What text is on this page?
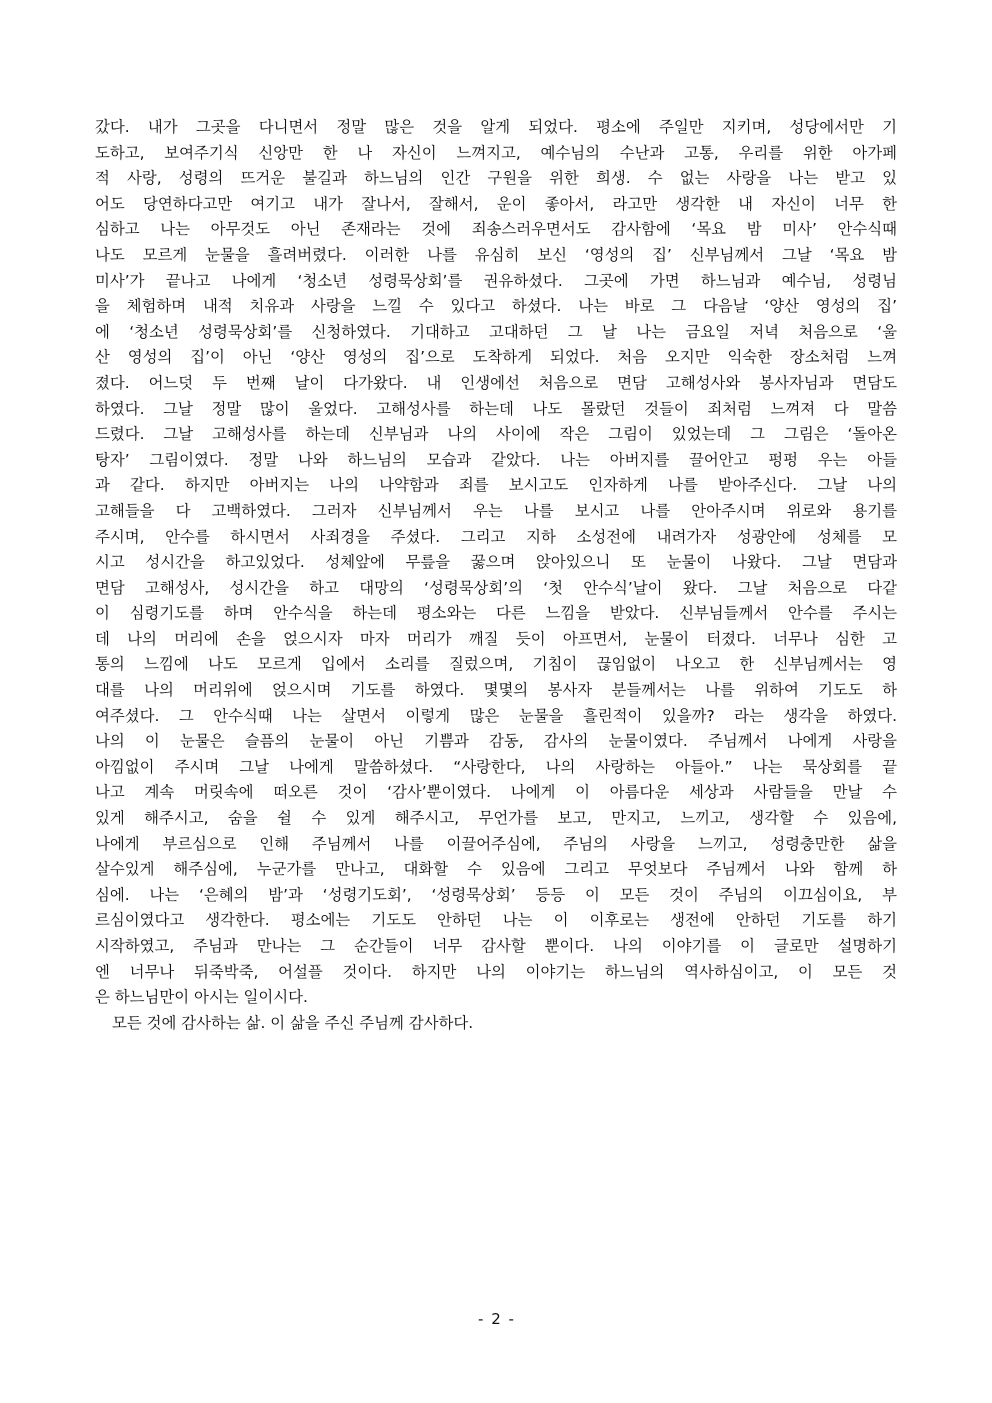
갔다. 내가 그곳을 다니면서 정말 많은 것을 알게 되었다. 평소에 주일만 지키며, 성당에서만 기
도하고, 보여주기식 신앙만 한 나 자신이 느껴지고, 예수님의 수난과 고통, 우리를 위한 아가페
적 사랑, 성령의 뜨거운 불길과 하느님의 인간 구원을 위한 희생. 수 없는 사랑을 나는 받고 있
어도 당연하다고만 여기고 내가 잘나서, 잘해서, 운이 좋아서, 라고만 생각한 내 자신이 너무 한
심하고 나는 아무것도 아닌 존재라는 것에 죄송스러우면서도 감사함에 ‘목요 밤 미사’ 안수식때
나도 모르게 눈물을 흘려버렸다. 이러한 나를 유심히 보신 ‘영성의 집’ 신부님께서 그날 ‘목요 밤
미사’가 끝나고 나에게 ‘청소년 성령묵상회’를 권유하셨다. 그곳에 가면 하느님과 예수님, 성령님
을 체험하며 내적 치유과 사랑을 느낄 수 있다고 하셨다. 나는 바로 그 다음날 ‘양산 영성의 집’
에 ‘청소년 성령묵상회’를 신청하였다. 기대하고 고대하던 그 날 나는 금요일 저녁 처음으로 ‘울
산 영성의 집’이 아닌 ‘양산 영성의 집’으로 도착하게 되었다. 처음 오지만 익숙한 장소처럼 느껴
졌다. 어느덧 두 번째 날이 다가왔다. 내 인생에선 처음으로 면담 고해성사와 봉사자님과 면담도
하였다. 그날 정말 많이 울었다. 고해성사를 하는데 나도 몰랐던 것들이 죄처럼 느껴져 다 말씀
드렸다. 그날 고해성사를 하는데 신부님과 나의 사이에 작은 그림이 있었는데 그 그림은 ‘돌아온
탕자’ 그림이였다. 정말 나와 하느님의 모습과 같았다. 나는 아버지를 끌어안고 펑펑 우는 아들
과 같다. 하지만 아버지는 나의 나약함과 죄를 보시고도 인자하게 나를 받아주신다. 그날 나의
고해들을 다 고백하였다. 그러자 신부님께서 우는 나를 보시고 나를 안아주시며 위로와 용기를
주시며, 안수를 하시면서 사죄경을 주셨다. 그리고 지하 소성전에 내려가자 성광안에 성체를 모
시고 성시간을 하고있었다. 성체앞에 무릎을 꿇으며 앉아있으니 또 눈물이 나왔다. 그날 면담과
면담 고해성사, 성시간을 하고 대망의 ‘성령묵상회’의 ‘첫 안수식’날이 왔다. 그날 처음으로 다같
이 심령기도를 하며 안수식을 하는데 평소와는 다른 느낌을 받았다. 신부님들께서 안수를 주시는
데 나의 머리에 손을 얹으시자 마자 머리가 깨질 듯이 아프면서, 눈물이 터졌다. 너무나 심한 고
통의 느낌에 나도 모르게 입에서 소리를 질렀으며, 기침이 끊임없이 나오고 한 신부님께서는 영
대를 나의 머리위에 얹으시며 기도를 하였다. 몇몇의 봉사자 분들께서는 나를 위하여 기도도 하
여주셨다. 그 안수식때 나는 살면서 이렇게 많은 눈물을 흘린적이 있을까? 라는 생각을 하였다.
나의 이 눈물은 슬픔의 눈물이 아닌 기쁨과 감동, 감사의 눈물이였다. 주님께서 나에게 사랑을
아낌없이 주시며 그날 나에게 말씀하셨다. “사랑한다, 나의 사랑하는 아들아.” 나는 묵상회를 끝
나고 계속 머릿속에 떠오른 것이 ‘감사’뿐이였다. 나에게 이 아름다운 세상과 사람들을 만날 수
있게 해주시고, 숨을 쉴 수 있게 해주시고, 무언가를 보고, 만지고, 느끼고, 생각할 수 있음에,
나에게 부르심으로 인해 주님께서 나를 이끌어주심에, 주님의 사랑을 느끼고, 성령충만한 삶을
살수있게 해주심에, 누군가를 만나고, 대화할 수 있음에 그리고 무엇보다 주님께서 나와 함께 하
심에. 나는 ‘은혜의 밤’과 ‘성령기도회’, ‘성령묵상회’ 등등 이 모든 것이 주님의 이끄심이요, 부
르심이였다고 생각한다. 평소에는 기도도 안하던 나는 이 이후로는 생전에 안하던 기도를 하기
시작하였고, 주님과 만나는 그 순간들이 너무 감사할 뿐이다. 나의 이야기를 이 글로만 설명하기
엔 너무나 뒤죽박죽, 어설플 것이다. 하지만 나의 이야기는 하느님의 역사하심이고, 이 모든 것
은 하느님만이 아시는 일이시다.
모든 것에 감사하는 삶. 이 삶을 주신 주님께 감사하다.
- 2 -
